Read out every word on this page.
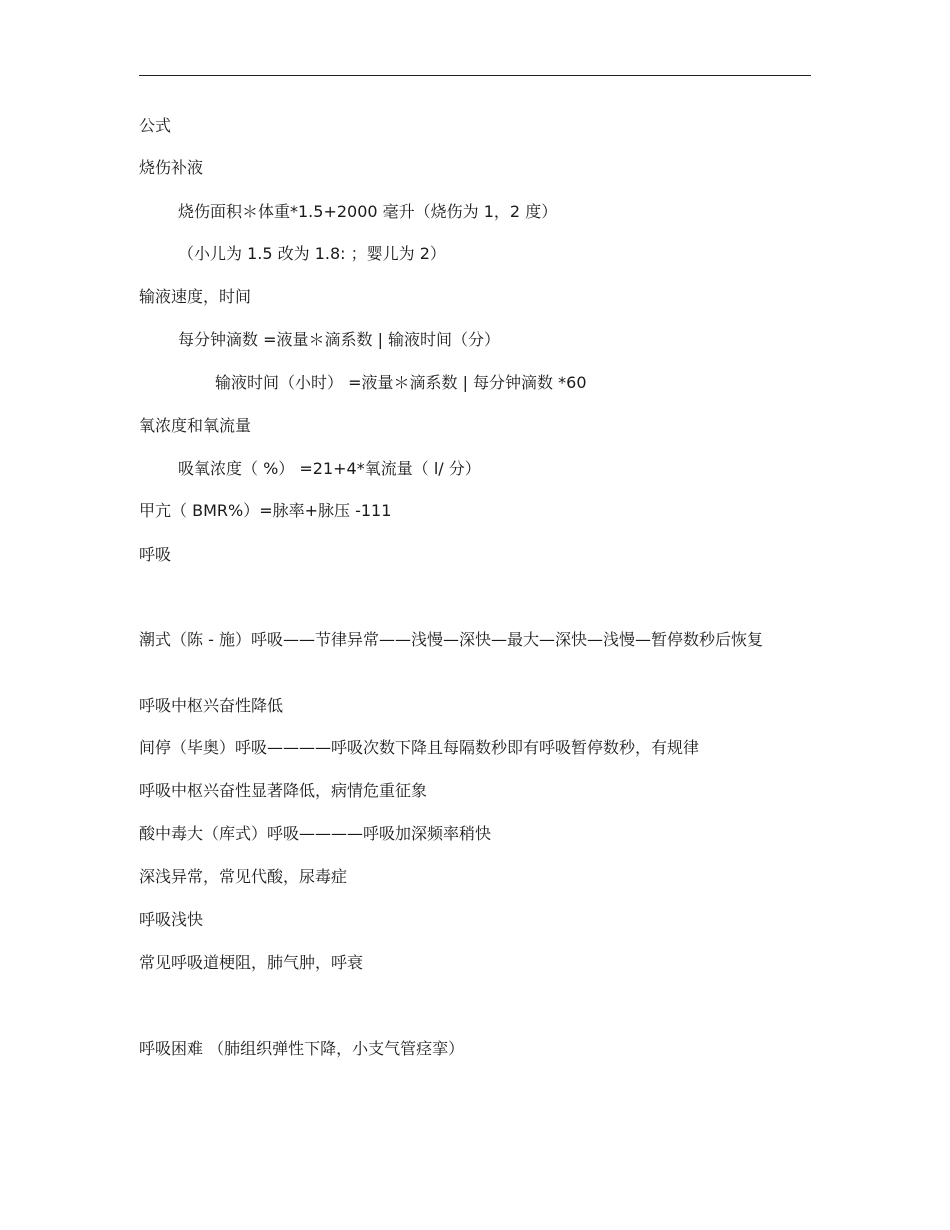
公式
烧伤补液
烧伤面积＊体重*1.5+2000 毫升（烧伤为 1，2 度）
（小儿为 1.5 改为 1.8: ；婴儿为 2）
输液速度，时间
每分钟滴数 =液量＊滴系数 | 输液时间（分）
输液时间（小时） =液量＊滴系数 | 每分钟滴数 *60
氧浓度和氧流量
吸氧浓度（ %） =21+4*氧流量（ l/ 分）
甲亢（ BMR%）=脉率+脉压 -111
呼吸
潮式（陈 - 施）呼吸——节律异常——浅慢—深快—最大—深快—浅慢—暂停数秒后恢复
呼吸中枢兴奋性降低
间停（毕奥）呼吸————呼吸次数下降且每隔数秒即有呼吸暂停数秒，有规律
呼吸中枢兴奋性显著降低，病情危重征象
酸中毒大（库式）呼吸————呼吸加深频率稍快
深浅异常，常见代酸，尿毒症
呼吸浅快
常见呼吸道梗阻，肺气肿，呼衰
呼吸困难 （肺组织弹性下降，小支气管痉挛）
